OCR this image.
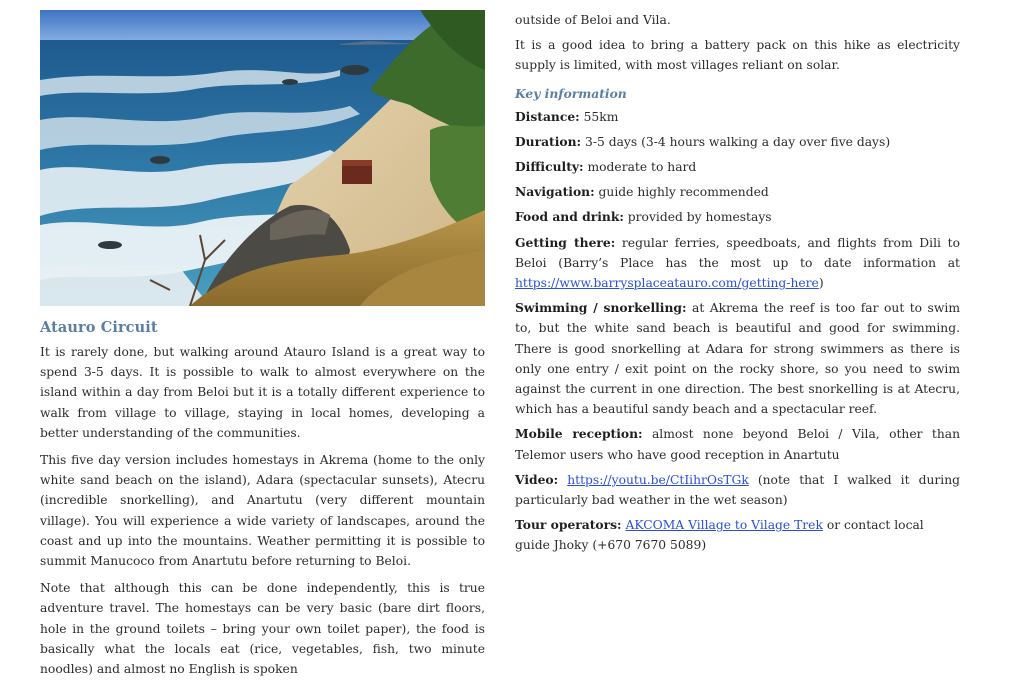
Atauro Circuit

It is rarely done, but walking around Atauro Island is a great way to spend 3-5 days. It is possible to walk to almost everywhere on the island within a day from Beloi but it is a totally different experience to walk from village to village, staying in local homes, developing a better understanding of the communities.

This five day version includes homestays in Akrema (home to the only white sand beach on the island), Adara (spectacular sunsets), Atecru (incredible snorkelling), and Anartutu (very different mountain village). You will experience a wide variety of landscapes, around the coast and up into the mountains. Weather permitting it is possible to summit Manucoco from Anartutu before returning to Beloi.

Note that although this can be done independently, this is true adventure travel. The homestays can be very basic (bare dirt floors, hole in the ground toilets – bring your own toilet paper), the food is basically what the locals eat (rice, vegetables, fish, two minute noodles) and almost no English is spoken

outside of Beloi and Vila.

It is a good idea to bring a battery pack on this hike as electricity supply is limited, with most villages reliant on solar.

Key information

Distance: 55km

Duration: 3-5 days (3-4 hours walking a day over five days)

Difficulty: moderate to hard

Navigation: guide highly recommended

Food and drink: provided by homestays

Getting there: regular ferries, speedboats, and flights from Dili to Beloi (Barry’s Place has the most up to date information at https://www.barrysplaceatauro.com/getting-here)

Swimming / snorkelling: at Akrema the reef is too far out to swim to, but the white sand beach is beautiful and good for swimming. There is good snorkelling at Adara for strong swimmers as there is only one entry / exit point on the rocky shore, so you need to swim against the current in one direction. The best snorkelling is at Atecru, which has a beautiful sandy beach and a spectacular reef.

Mobile reception: almost none beyond Beloi / Vila, other than Telemor users who have good reception in Anartutu

Video: https://youtu.be/CtIihrOsTGk (note that I walked it during particularly bad weather in the wet season)

Tour operators: AKCOMA Village to Vilage Trek or contact local guide Jhoky (+670 7670 5089)
